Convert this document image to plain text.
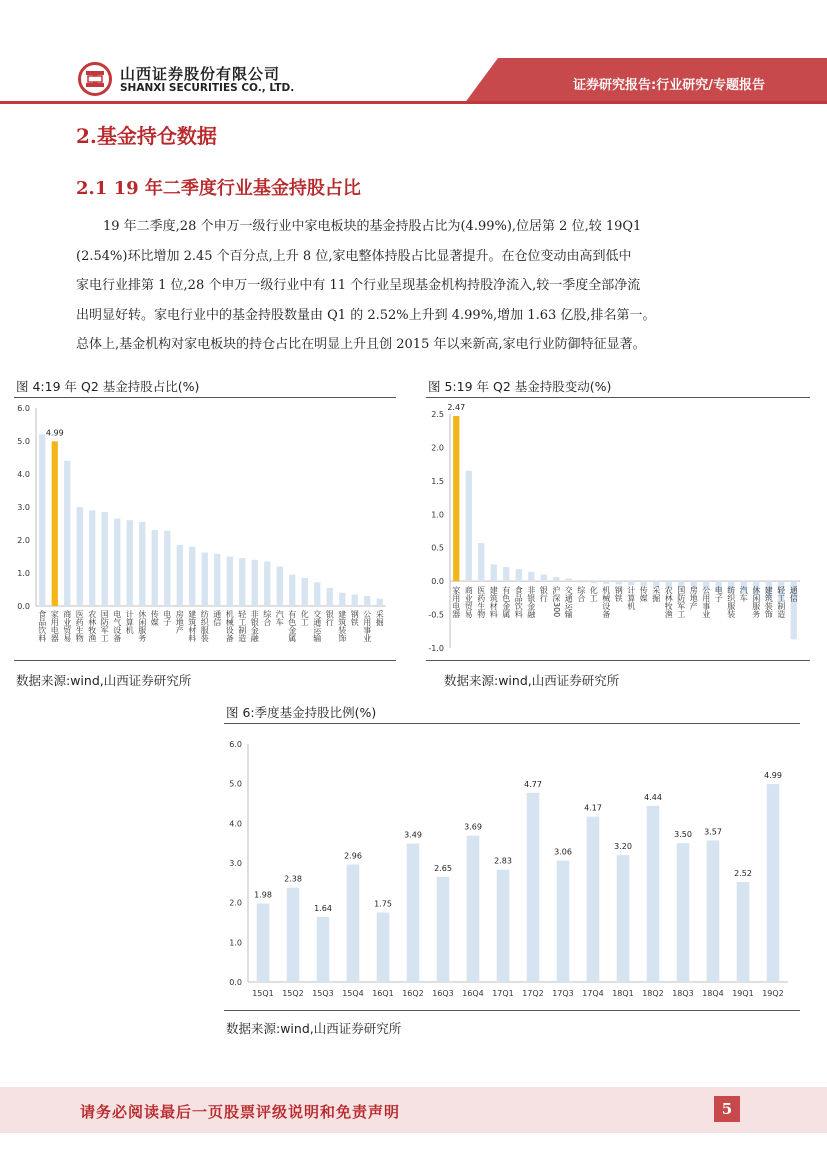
山西证券股份有限公司
SHANXI SECURITIES CO., LTD.	证券研究报告:行业研究/专题报告
2.基金持仓数据
2.1 19 年二季度行业基金持股占比
19 年二季度,28 个申万一级行业中家电板块的基金持股占比为(4.99%),位居第 2 位,较 19Q1
(2.54%)环比增加 2.45 个百分点,上升 8 位,家电整体持股占比显著提升。在仓位变动由高到低中
家电行业排第 1 位,28 个申万一级行业中有 11 个行业呈现基金机构持股净流入,较一季度全部净流
出明显好转。家电行业中的基金持股数量由 Q1 的 2.52%上升到 4.99%,增加 1.63 亿股,排名第一。
总体上,基金机构对家电板块的持仓占比在明显上升且创 2015 年以来新高,家电行业防御特征显著。
图 4:19 年 Q2 基金持股占比(%)
0.0
1.0
2.0
3.0
4.0
5.0
6.0
食品饮料
4.99
家用电器 商业贸易 医药生物 农林牧渔 国防军工 电气设备 计算机 休闲服务 传媒 电子 房地产 建筑材料 纺织服装 通信 机械设备 轻工制造 非银金融 综合 汽车 有色金属 化工 交通运输 银行 建筑装饰 钢铁 公用事业 采掘
数据来源:wind,山西证券研究所
图 5:19 年 Q2 基金持股变动(%)
-1.0
-0.5
0.0
0.5
1.0
1.5
2.0
2.5
2.47
家用电器 商业贸易 医药生物 建筑材料 有色金属 食品饮料 非银金融 银行 沪深300 交通运输 综合 化工 机械设备 钢铁 计算机 传媒 采掘 农林牧渔 国防军工 房地产 公用事业 电子 纺织服装 汽车 休闲服务 建筑装饰 轻工制造 通信
数据来源:wind,山西证券研究所
图 6:季度基金持股比例(%)
0.0
1.0
2.0
3.0
4.0
5.0
6.0
1.98
15Q1
2.38
15Q2
1.64
15Q3
2.96
15Q4
1.75
16Q1
3.49
16Q2
2.65
16Q3
3.69
16Q4
2.83
17Q1
4.77
17Q2
3.06
17Q3
4.17
17Q4
3.20
18Q1
4.44
18Q2
3.50
18Q3
3.57
18Q4
2.52
19Q1
4.99
19Q2
数据来源:wind,山西证券研究所
请务必阅读最后一页股票评级说明和免责声明	5
